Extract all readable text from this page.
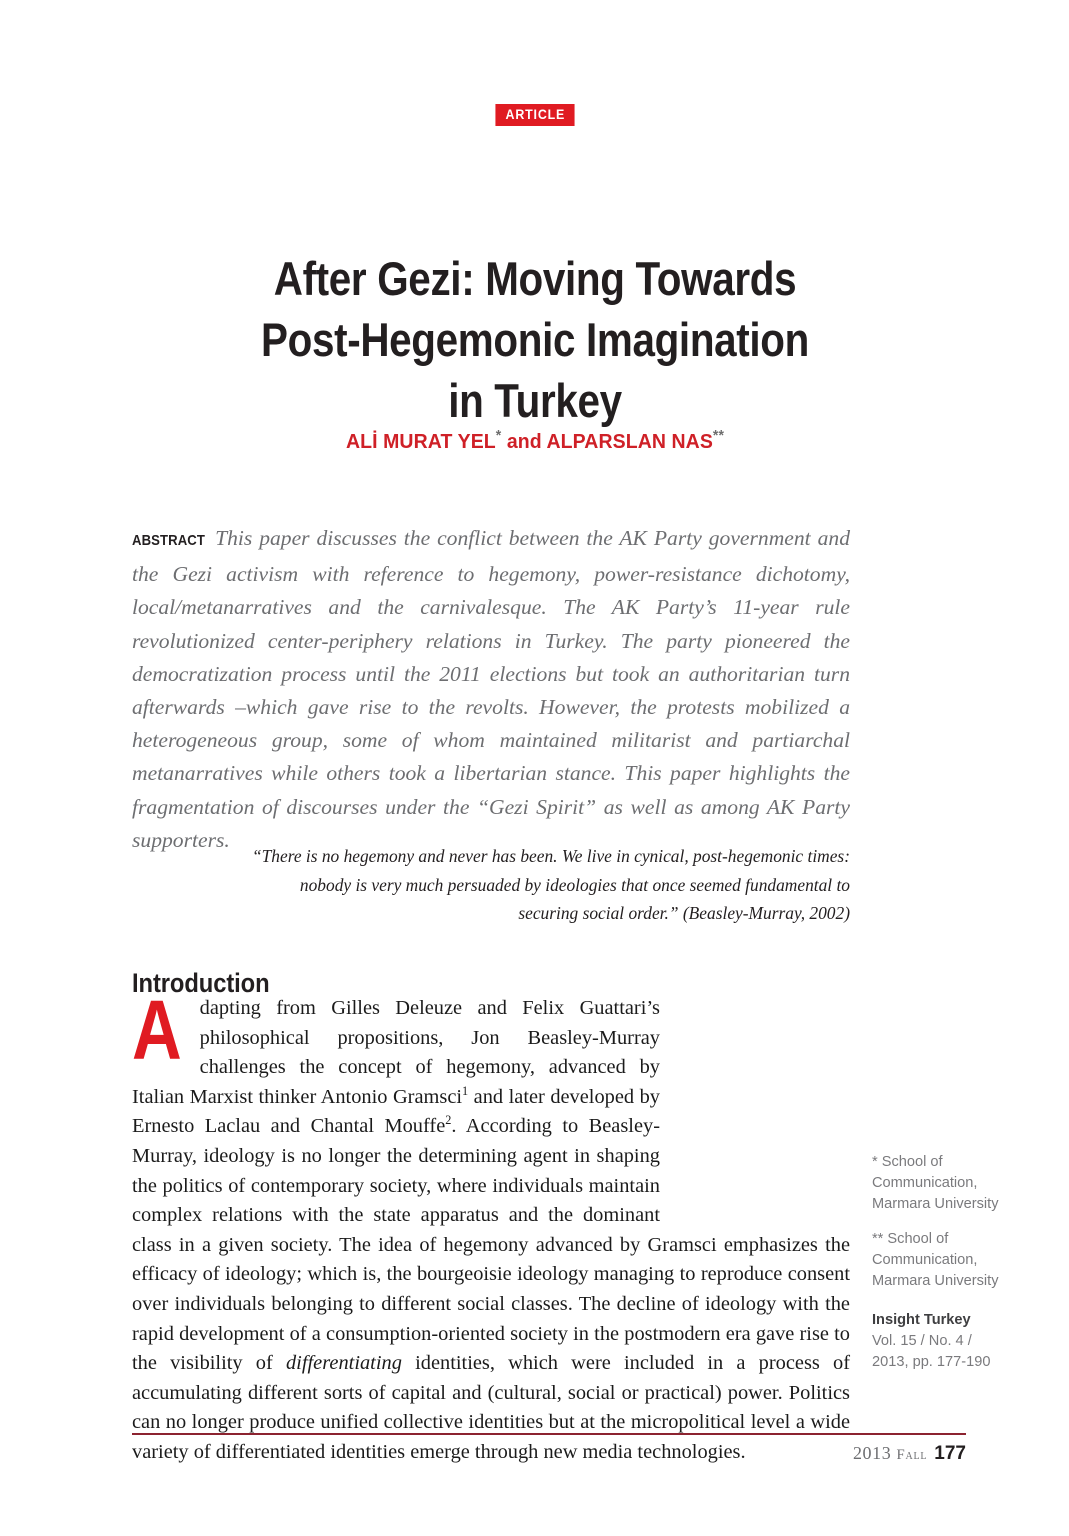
ARTICLE
After Gezi: Moving Towards
Post-Hegemonic Imagination
in Turkey
ALİ MURAT YEL* and ALPARSLAN NAS**
ABSTRACT This paper discusses the conflict between the AK Party government and the Gezi activism with reference to hegemony, power-resistance dichotomy, local/metanarratives and the carnivalesque. The AK Party’s 11-year rule revolutionized center-periphery relations in Turkey. The party pioneered the democratization process until the 2011 elections but took an authoritarian turn afterwards –which gave rise to the revolts. However, the protests mobilized a heterogeneous group, some of whom maintained militarist and partiarchal metanarratives while others took a libertarian stance. This paper highlights the fragmentation of discourses under the “Gezi Spirit” as well as among AK Party supporters.
“There is no hegemony and never has been. We live in cynical, post-hegemonic times: nobody is very much persuaded by ideologies that once seemed fundamental to securing social order.” (Beasley-Murray, 2002)
Introduction

Adapting from Gilles Deleuze and Felix Guattari’s philosophical propositions, Jon Beasley-Murray challenges the concept of hegemony, advanced by Italian Marxist thinker Antonio Gramsci$^1$ and later developed by Ernesto Laclau and Chantal Mouffe$^2$. According to Beasley-Murray, ideology is no longer the determining agent in shaping the politics of contemporary society, where individuals maintain complex relations with the state apparatus and the dominant class in a given society. The idea of hegemony advanced by Gramsci emphasizes the efficacy of ideology; which is, the bourgeoisie ideology managing to reproduce consent over individuals belonging to different social classes. The decline of ideology with the rapid development of a consumption-oriented society in the postmodern era gave rise to the visibility of differentiating identities, which were included in a process of accumulating different sorts of capital and (cultural, social or practical) power. Politics can no longer produce unified collective identities but at the micropolitical level a wide variety of differentiated identities emerge through new media technologies.

* School of Communication, Marmara University
** School of Communication, Marmara University
Insight Turkey
Vol. 15 / No. 4 /
2013, pp. 177-190
2013 Fall 177
